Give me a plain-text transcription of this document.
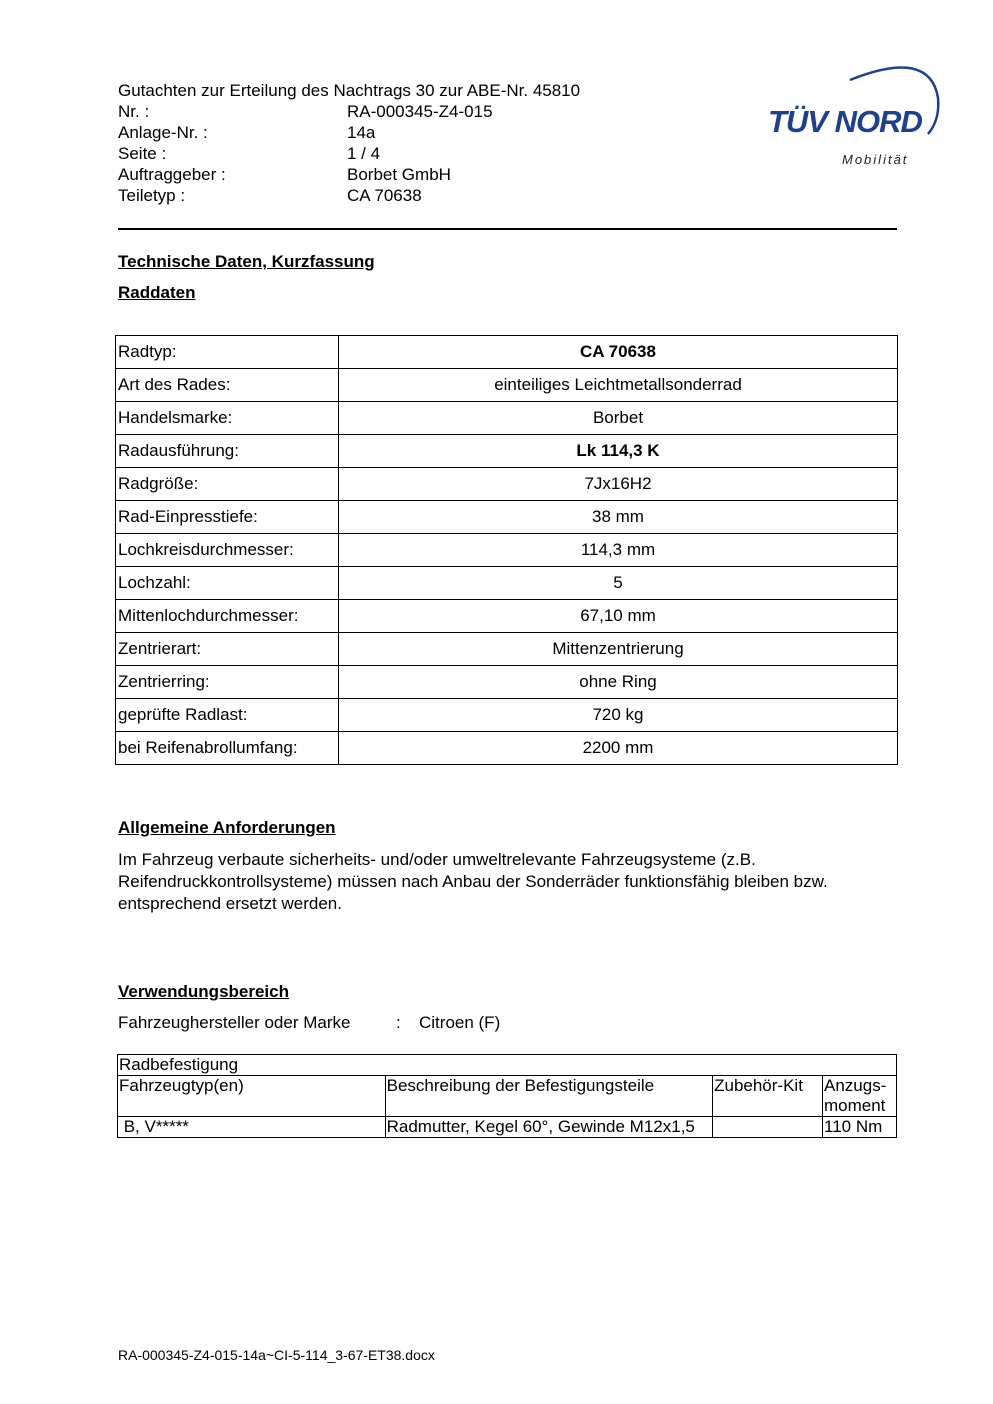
Gutachten zur Erteilung des Nachtrags 30 zur ABE-Nr. 45810
Nr. :	RA-000345-Z4-015
Anlage-Nr. :	14a
Seite :	1 / 4
Auftraggeber :	Borbet GmbH
Teiletyp :	CA 70638
TÜV NORD
Mobilität
Technische Daten, Kurzfassung
Raddaten
Radtyp:	CA 70638
Art des Rades:	einteiliges Leichtmetallsonderrad
Handelsmarke:	Borbet
Radausführung:	Lk 114,3 K
Radgröße:	7Jx16H2
Rad-Einpresstiefe:	38 mm
Lochkreisdurchmesser:	114,3 mm
Lochzahl:	5
Mittenlochdurchmesser:	67,10 mm
Zentrierart:	Mittenzentrierung
Zentrierring:	ohne Ring
geprüfte Radlast:	720 kg
bei Reifenabrollumfang:	2200 mm
Allgemeine Anforderungen
Im Fahrzeug verbaute sicherheits- und/oder umweltrelevante Fahrzeugsysteme (z.B. Reifendruckkontrollsysteme) müssen nach Anbau der Sonderräder funktionsfähig bleiben bzw. entsprechend ersetzt werden.
Verwendungsbereich
Fahrzeughersteller oder Marke	: Citroen (F)
Radbefestigung			
Fahrzeugtyp(en)	Beschreibung der Befestigungsteile	Zubehör-Kit	Anzugs-moment
B, V*****	Radmutter, Kegel 60°, Gewinde M12x1,5		110 Nm
RA-000345-Z4-015-14a~CI-5-114_3-67-ET38.docx
